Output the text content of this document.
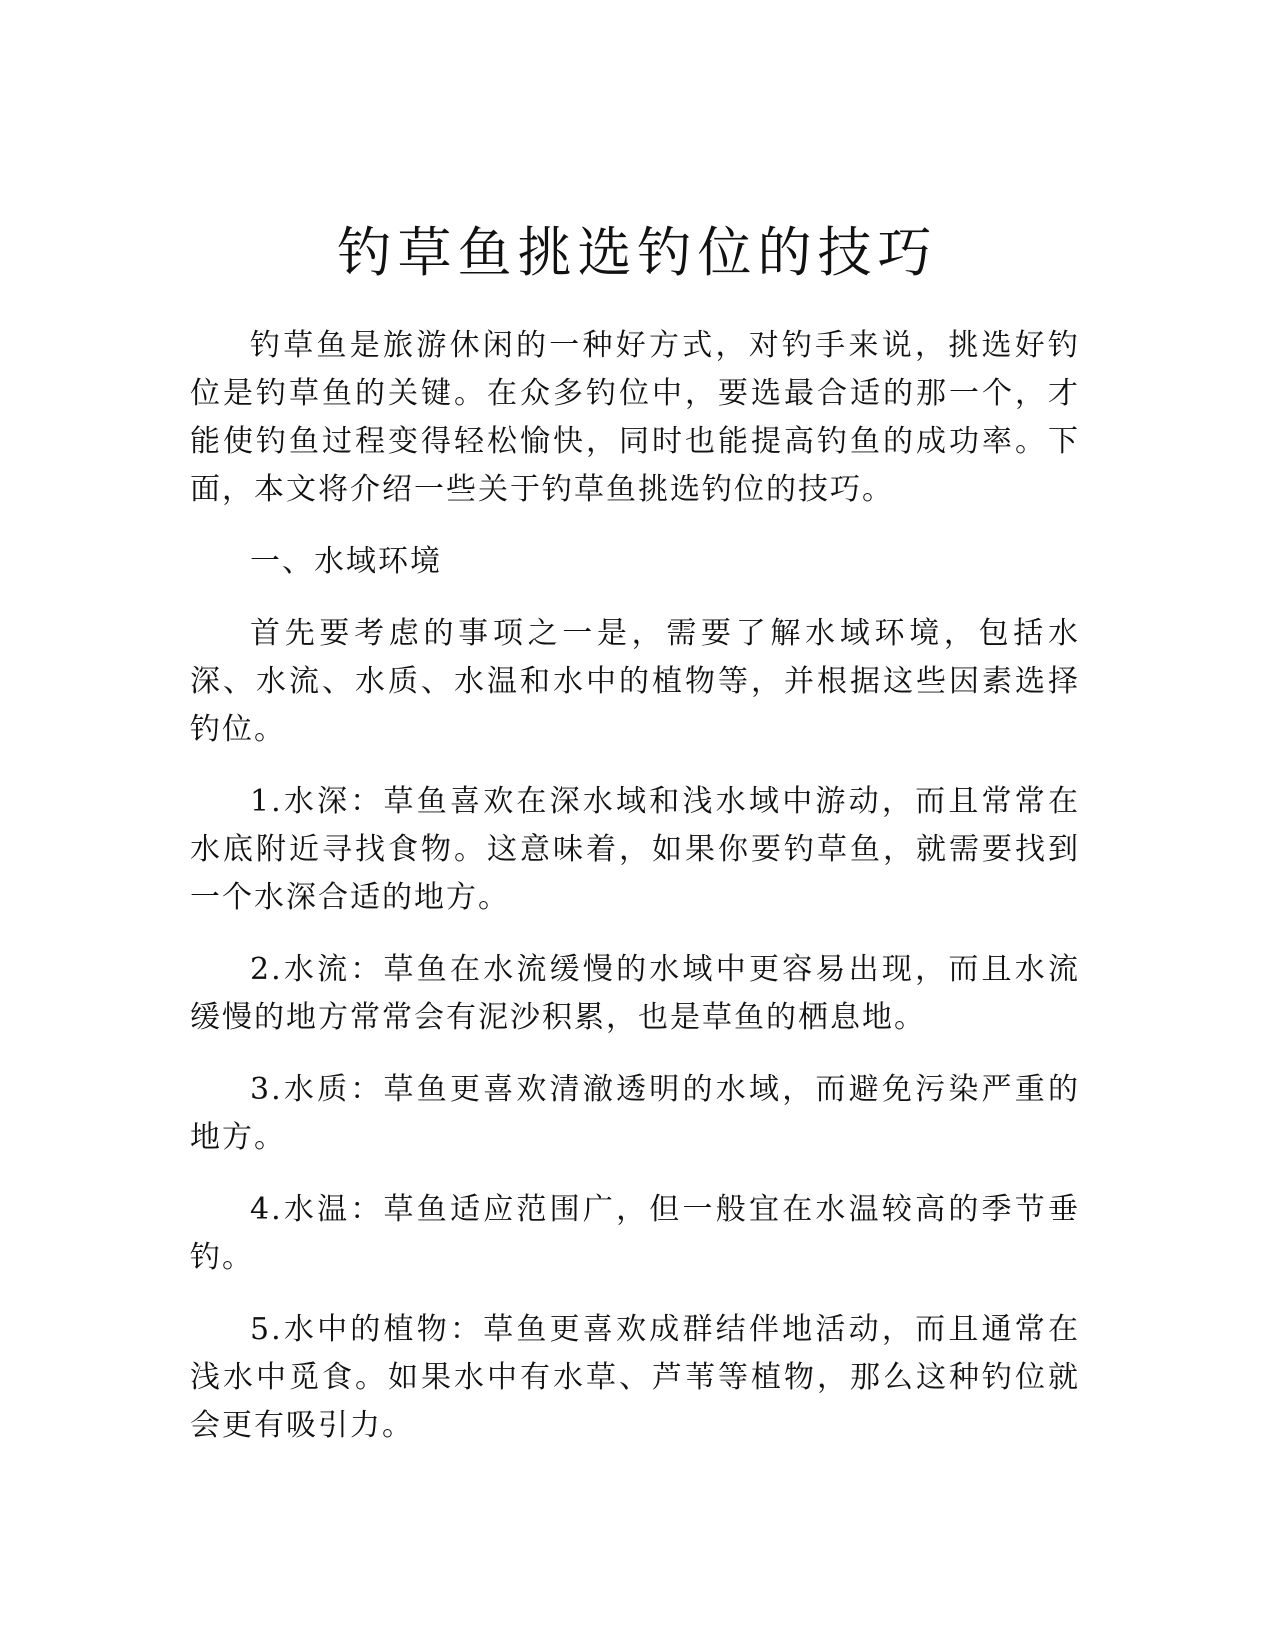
钓草鱼挑选钓位的技巧

钓草鱼是旅游休闲的一种好方式，对钓手来说，挑选好钓位是钓草鱼的关键。在众多钓位中，要选最合适的那一个，才能使钓鱼过程变得轻松愉快，同时也能提高钓鱼的成功率。下面，本文将介绍一些关于钓草鱼挑选钓位的技巧。

一、水域环境

首先要考虑的事项之一是，需要了解水域环境，包括水深、水流、水质、水温和水中的植物等，并根据这些因素选择钓位。

1.水深：草鱼喜欢在深水域和浅水域中游动，而且常常在水底附近寻找食物。这意味着，如果你要钓草鱼，就需要找到一个水深合适的地方。

2.水流：草鱼在水流缓慢的水域中更容易出现，而且水流缓慢的地方常常会有泥沙积累，也是草鱼的栖息地。

3.水质：草鱼更喜欢清澈透明的水域，而避免污染严重的地方。

4.水温：草鱼适应范围广，但一般宜在水温较高的季节垂钓。

5.水中的植物：草鱼更喜欢成群结伴地活动，而且通常在浅水中觅食。如果水中有水草、芦苇等植物，那么这种钓位就会更有吸引力。
